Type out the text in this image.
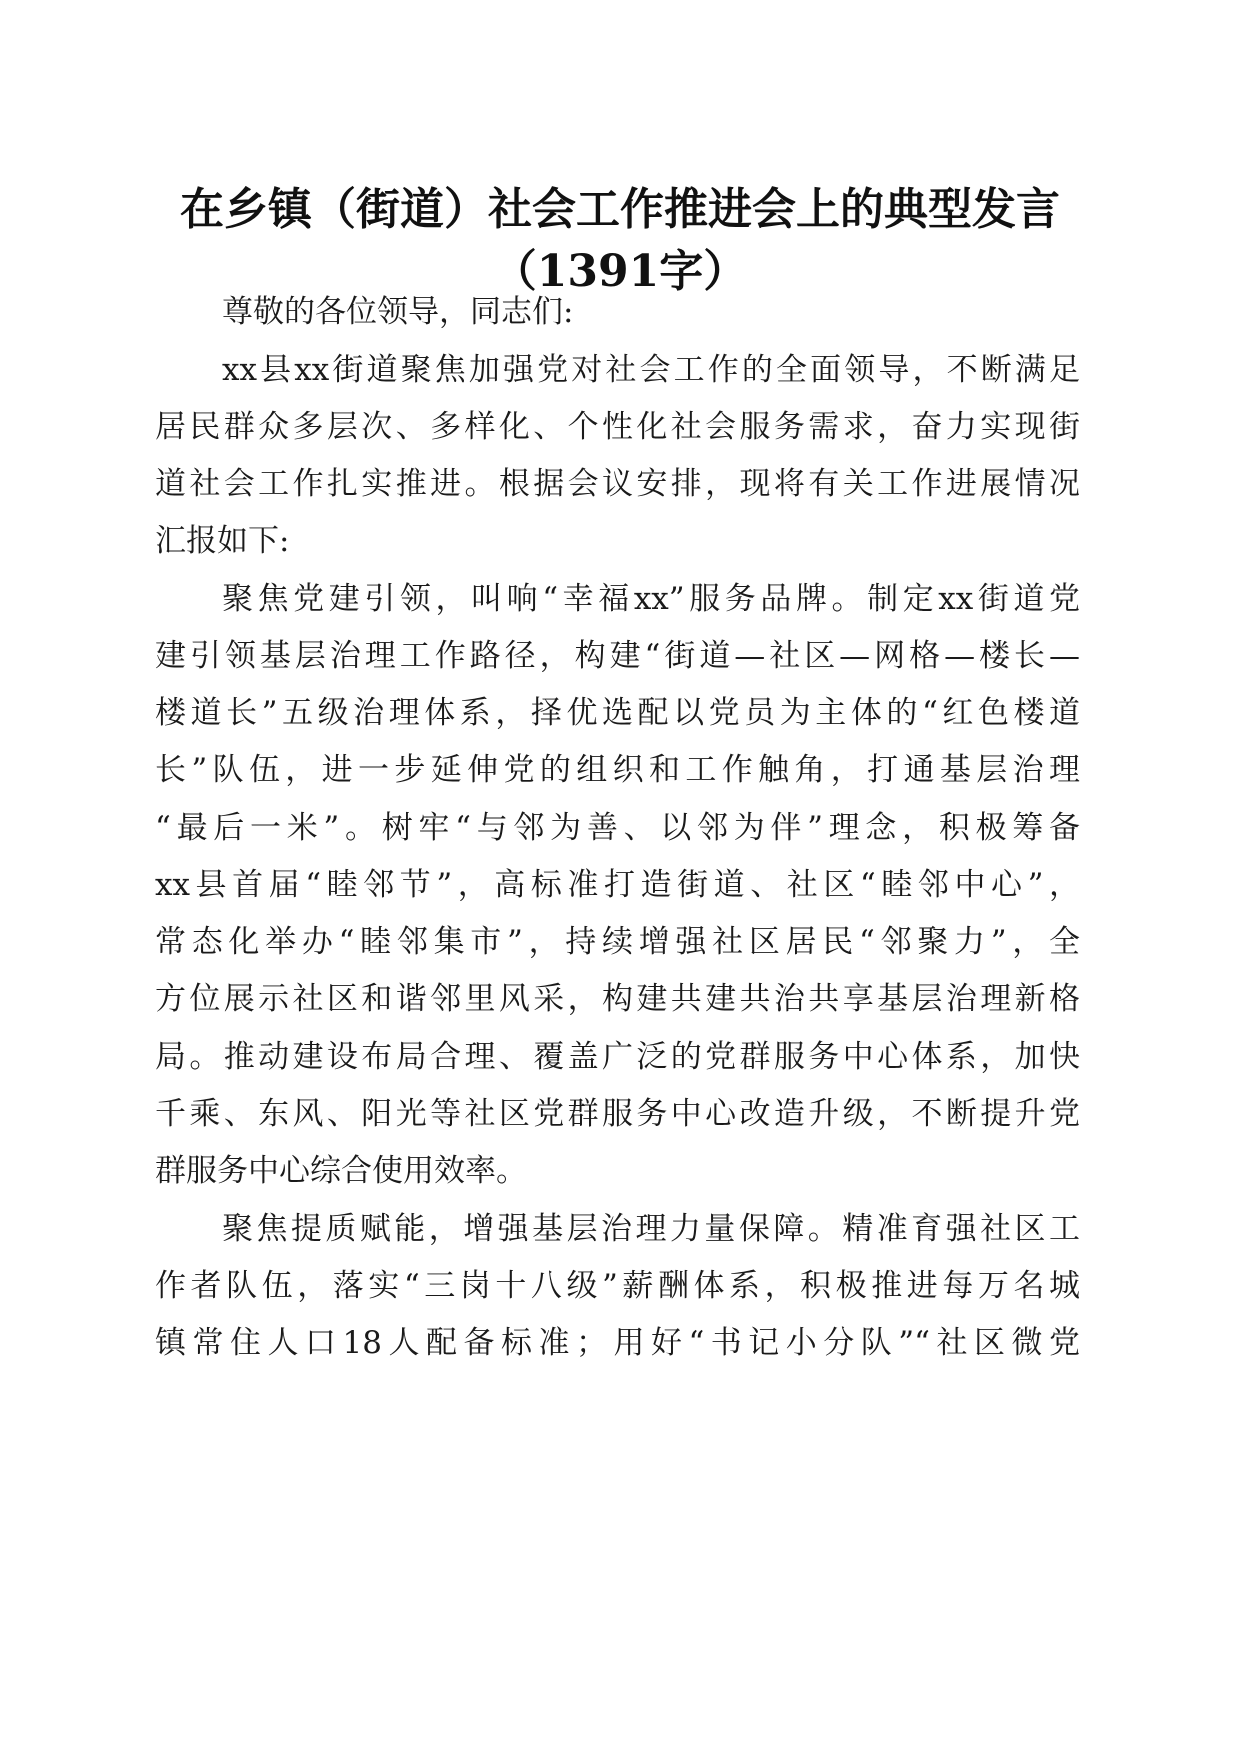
在乡镇（街道）社会工作推进会上的典型发言
（1391字）
尊敬的各位领导，同志们:
xx县xx街道聚焦加强党对社会工作的全面领导，不断满足
居民群众多层次、多样化、个性化社会服务需求，奋力实现街
道社会工作扎实推进。根据会议安排，现将有关工作进展情况
汇报如下:
聚焦党建引领，叫响“幸福xx”服务品牌。制定xx街道党
建引领基层治理工作路径，构建“街道—社区—网格—楼长—
楼道长”五级治理体系，择优选配以党员为主体的“红色楼道
长”队伍，进一步延伸党的组织和工作触角，打通基层治理
“最后一米”。树牢“与邻为善、以邻为伴”理念，积极筹备
xx县首届“睦邻节”，高标准打造街道、社区“睦邻中心”，
常态化举办“睦邻集市”，持续增强社区居民“邻聚力”，全
方位展示社区和谐邻里风采，构建共建共治共享基层治理新格
局。推动建设布局合理、覆盖广泛的党群服务中心体系，加快
千乘、东风、阳光等社区党群服务中心改造升级，不断提升党
群服务中心综合使用效率。
聚焦提质赋能，增强基层治理力量保障。精准育强社区工
作者队伍，落实“三岗十八级”薪酬体系，积极推进每万名城
镇常住人口18人配备标准；用好“书记小分队”“社区微党
